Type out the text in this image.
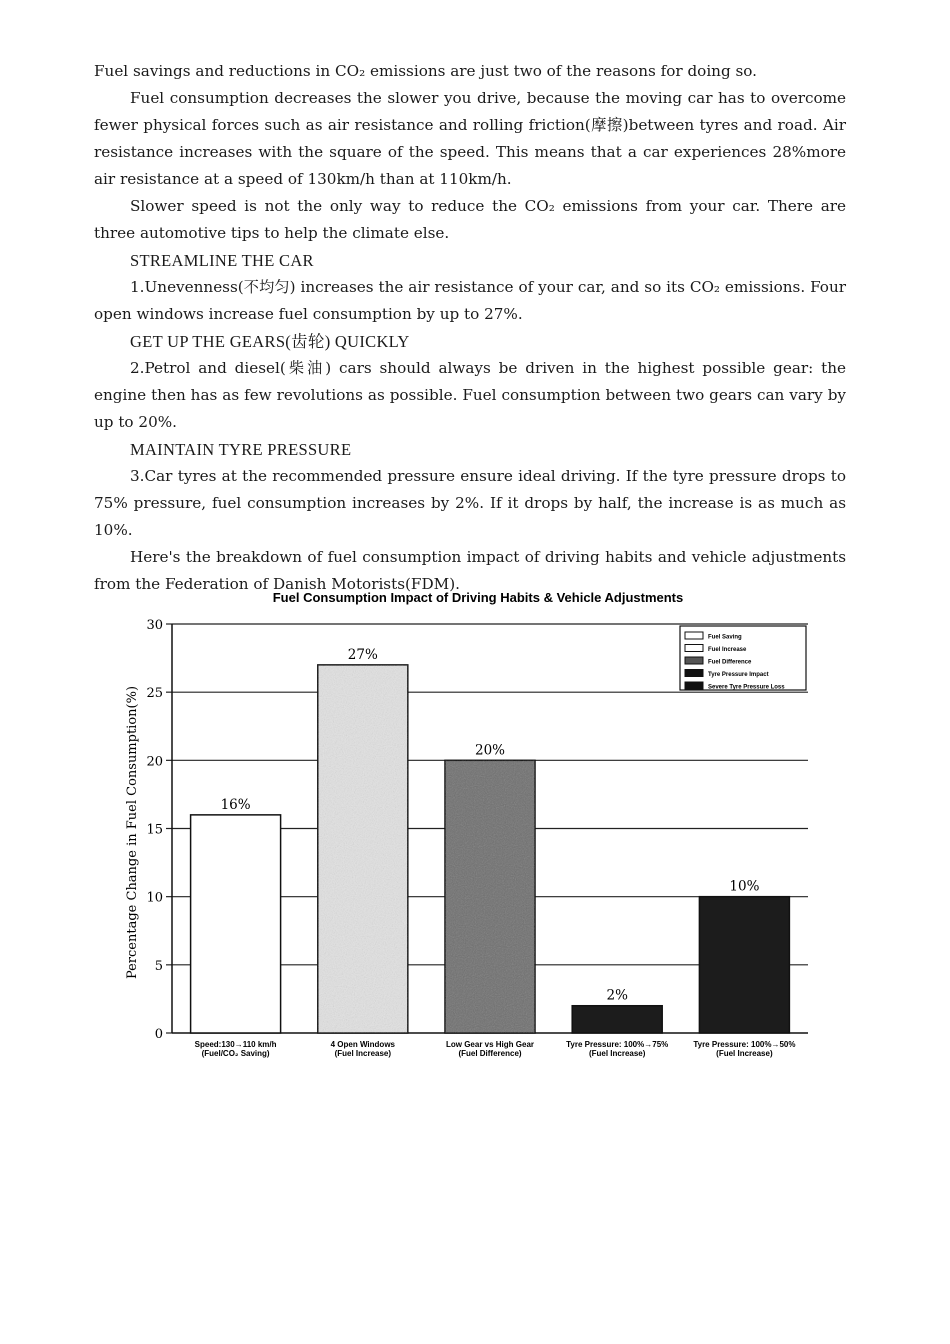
Fuel savings and reductions in CO₂ emissions are just two of the reasons for doing so.

Fuel consumption decreases the slower you drive, because the moving car has to overcome fewer physical forces such as air resistance and rolling friction(摩擦)between tyres and road. Air resistance increases with the square of the speed. This means that a car experiences 28%more air resistance at a speed of 130km/h than at 110km/h.

Slower speed is not the only way to reduce the CO₂ emissions from your car. There are three automotive tips to help the climate else.

STREAMLINE THE CAR

1.Unevenness(不均匀) increases the air resistance of your car, and so its CO₂ emissions. Four open windows increase fuel consumption by up to 27%.

GET UP THE GEARS(齿轮) QUICKLY

2.Petrol and diesel(柴油) cars should always be driven in the highest possible gear: the engine then has as few revolutions as possible. Fuel consumption between two gears can vary by up to 20%.

MAINTAIN TYRE PRESSURE

3.Car tyres at the recommended pressure ensure ideal driving. If the tyre pressure drops to 75% pressure, fuel consumption increases by 2%. If it drops by half, the increase is as much as 10%.

Here's the breakdown of fuel consumption impact of driving habits and vehicle adjustments from the Federation of Danish Motorists(FDM).

Fuel Consumption Impact of Driving Habits & Vehicle Adjustments
0
5
10
15
20
25
30
Percentage Change in Fuel Consumption(%)	16%
Speed:130→110 km/h
(Fuel/CO₂ Saving)
27%
4 Open Windows
(Fuel Increase)
20%
Low Gear vs High Gear
(Fuel Difference)
2%
Tyre Pressure: 100%→75%
(Fuel Increase)
10%
Tyre Pressure: 100%→50%
(Fuel Increase)
Fuel Saving
Fuel Increase
Fuel Difference
Tyre Pressure Impact
Severe Tyre Pressure Loss
